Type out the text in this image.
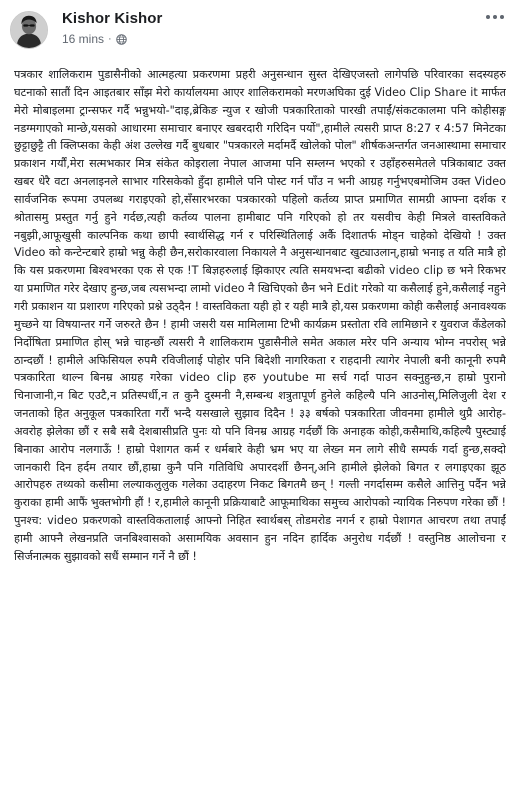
Kishor Kishor
16 mins ·

पत्रकार शालिकराम पुडासैनीको आत्महत्या प्रकरणमा प्रहरी अनुसन्धान सुस्त देखिएजस्तो लागेपछि परिवारका सदस्यहरु घटनाको सातौं दिन आइतबार साँझ मेरो कार्यालयमा आएर शालिकरामको मरणअघिका दुई Video Clip Share it मार्फत मेरो मोबाइलमा ट्रान्सफर गर्दै भन्नुभयो-"दाइ,ब्रेकिङ न्युज र खोजी पत्रकारिताको पारखी तपाईं/संकटकालमा पनि कोहीसङ्ग नडग्मगाएको मान्छे,यसको आधारमा समाचार बनाएर खबरदारी गरिदिन पर्यो",हामीले त्यसरी प्राप्त 8:27 र 4:57 मिनेटका छुट्टाछुट्टै ती क्लिप्सका केही अंश उल्लेख गर्दै बुधबार "पत्रकारले मर्दामर्दै खोलेको पोल" शीर्षकअन्तर्गत जनआस्थामा समाचार प्रकाशन गर्यौं,मेरा सत्मभकार मित्र संकेत कोइराला नेपाल आजमा पनि सम्लग्न भएको र उहाँहरुसमेतले पत्रिकाबाट उक्त खबर धेरै वटा अनलाइनले साभार गरिसकेको हुँदा हामीले पनि पोस्ट गर्न पाँउ न भनी आग्रह गर्नुभएबमोजिम उक्त Video सार्वजनिक रूपमा उपलब्ध गराइएको हो,सँसारभरका पत्रकारको पहिलो कर्तव्य प्राप्त प्रमाणित सामग्री आफ्ना दर्शक र श्रोतासमु प्रस्तुत गर्नु हुने गर्दछ,त्यही कर्तव्य पालना हामीबाट पनि गरिएको हो तर यसवीच केही मित्रले वास्तविकते नबुझी,आफूखुसी काल्पनिक कथा छापी स्वार्थसिद्ध गर्न र परिस्थितिलाई अर्कै दिशातर्फ मोड्न चाहेको देखियो ! उक्त Video को कन्टेन्टबारे हाम्रो भन्नु केही छैन,सरोकारवाला निकायले नै अनुसन्धानबाट खुट्याउलान्,हाम्रो भनाइ त यति मात्रै हो कि यस प्रकरणमा बिश्वभरका एक से एक !T बिज्ञहरुलाई झिकाएर त्यति समयभन्दा बढीको video clip छ भने रिकभर या प्रमाणित गरेर देखाए हुन्छ,जब त्यसभन्दा लामो video नै खिचिएको छैन भने Edit गरेको या कसैलाई हुने,कसैलाई नहुने गरी प्रकाशन या प्रशारण गरिएको प्रश्ने उठ्दैन ! वास्तविकता यही हो र यही मात्रै हो,यस प्रकरणमा कोही कसैलाई अनावश्यक मुच्छने या विषयान्तर गर्ने जरुरते छैन ! हामी जसरी यस मामिलामा टिभी कार्यक्रम प्रस्तोता रवि लामिछाने र युवराज कँडेलको निर्दोषिता प्रमाणित होस् भन्ने चाहन्छौं त्यसरी नै शालिकराम पुडासैनीले समेत अकाल मरेर पनि अन्याय भोग्न नपरोस् भन्ने ठान्दछौं ! हामीले अफिसियल रुपमै रविजीलाई पोहोर पनि बिदेशी नागरिकता र राहदानी त्यागेर नेपाली बनी कानूनी रुपमै पत्रकारिता थाल्न बिनम्र आग्रह गरेका video clip हरु youtube मा सर्च गर्दा पाउन सक्नुहुन्छ,न हाम्रो पुरानो चिनाजानी,न बिट एउटै,न प्रतिस्पर्धी,न त कुनै दुस्मनी नै,सम्बन्ध शत्रुतापूर्ण हुनेले कहिल्यै पनि आउनोस्,मिलिजुली देश र जनताको हित अनुकूल पत्रकारिता गरौं भन्दै यसखाले सुझाव दिदैन ! ३३ बर्षको पत्रकारिता जीवनमा हामीले थुप्रै आरोह-अवरोह झेलेका छौं र सबै सबै देशबासीप्रति पुनः यो पनि विनम्र आग्रह गर्दछौं कि अनाहक कोही,कसैमाथि,कहिल्यै पुस्ट्याई बिनाका आरोप नलगाऊँ ! हाम्रो पेशागत कर्म र धर्मबारे केही भ्रम भए या लेख्न मन लागे सीधै सम्पर्क गर्दा हुन्छ,सक्दो जानकारी दिन हर्दम तयार छौं,हाम्रा कुनै पनि गतिविधि अपारदर्शी छैनन्,अनि हामीले झेलेको बिगत र लगाइएका झूठ आरोपहरु तथ्यको कसीमा लल्याकलुलुक गलेका उदाहरण निकट बिगतमै छन् ! गल्ती नगर्दासम्म कसैले आत्तिनु पर्दैन भन्ने कुराका हामी आफैं भुक्तभोगी हौं ! र,हामीले कानूनी प्रक्रियाबाटै आफूमाथिका समुच्च आरोपको न्यायिक निरुपण गरेका छौं ! पुनश्च: video प्रकरणको वास्तविकतालाई आफ्नो निहित स्वार्थबस् तोडमरोड नगर्न र हाम्रो पेशागत आचरण तथा तपाईं हामी आफ्नै लेखनप्रति जनबिश्वासको असामयिक अवसान हुन नदिन हार्दिक अनुरोध गर्दछौं ! वस्तुनिष्ठ आलोचना र सिर्जनात्मक सुझावको सधैं सम्मान गर्ने नै छौं !
